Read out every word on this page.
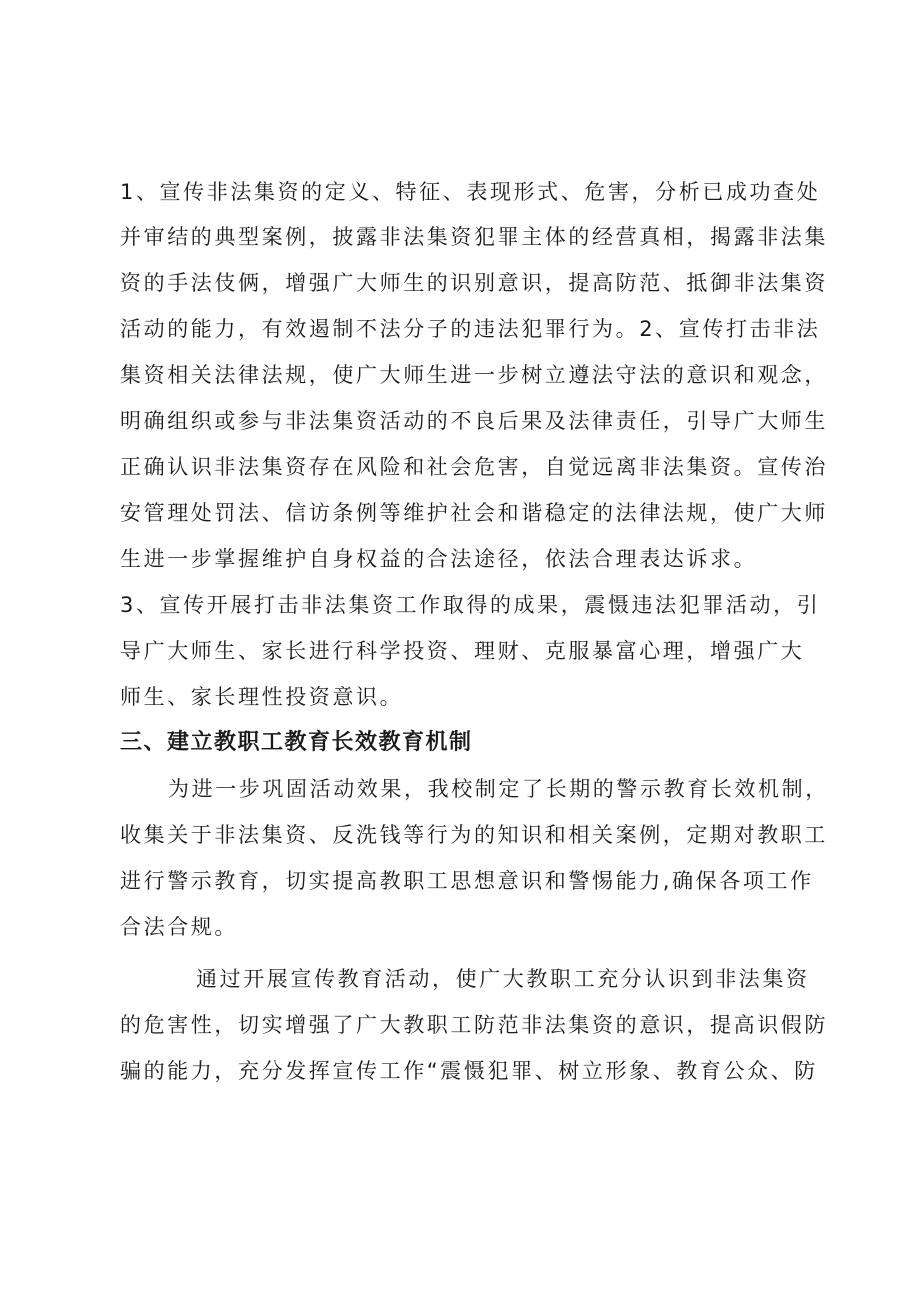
1、宣传非法集资的定义、特征、表现形式、危害，分析已成功查处

并审结的典型案例，披露非法集资犯罪主体的经营真相，揭露非法集

资的手法伎俩，增强广大师生的识别意识，提高防范、抵御非法集资

活动的能力，有效遏制不法分子的违法犯罪行为。2、宣传打击非法

集资相关法律法规，使广大师生进一步树立遵法守法的意识和观念，

明确组织或参与非法集资活动的不良后果及法律责任，引导广大师生

正确认识非法集资存在风险和社会危害，自觉远离非法集资。宣传治

安管理处罚法、信访条例等维护社会和谐稳定的法律法规，使广大师

生进一步掌握维护自身权益的合法途径，依法合理表达诉求。

3、宣传开展打击非法集资工作取得的成果，震慑违法犯罪活动，引

导广大师生、家长进行科学投资、理财、克服暴富心理，增强广大

师生、家长理性投资意识。

三、建立教职工教育长效教育机制

为进一步巩固活动效果，我校制定了长期的警示教育长效机制，

收集关于非法集资、反洗钱等行为的知识和相关案例，定期对教职工

进行警示教育，切实提高教职工思想意识和警惕能力,确保各项工作

合法合规。

通过开展宣传教育活动，使广大教职工充分认识到非法集资

的危害性，切实增强了广大教职工防范非法集资的意识，提高识假防

骗的能力，充分发挥宣传工作“震慑犯罪、树立形象、教育公众、防
